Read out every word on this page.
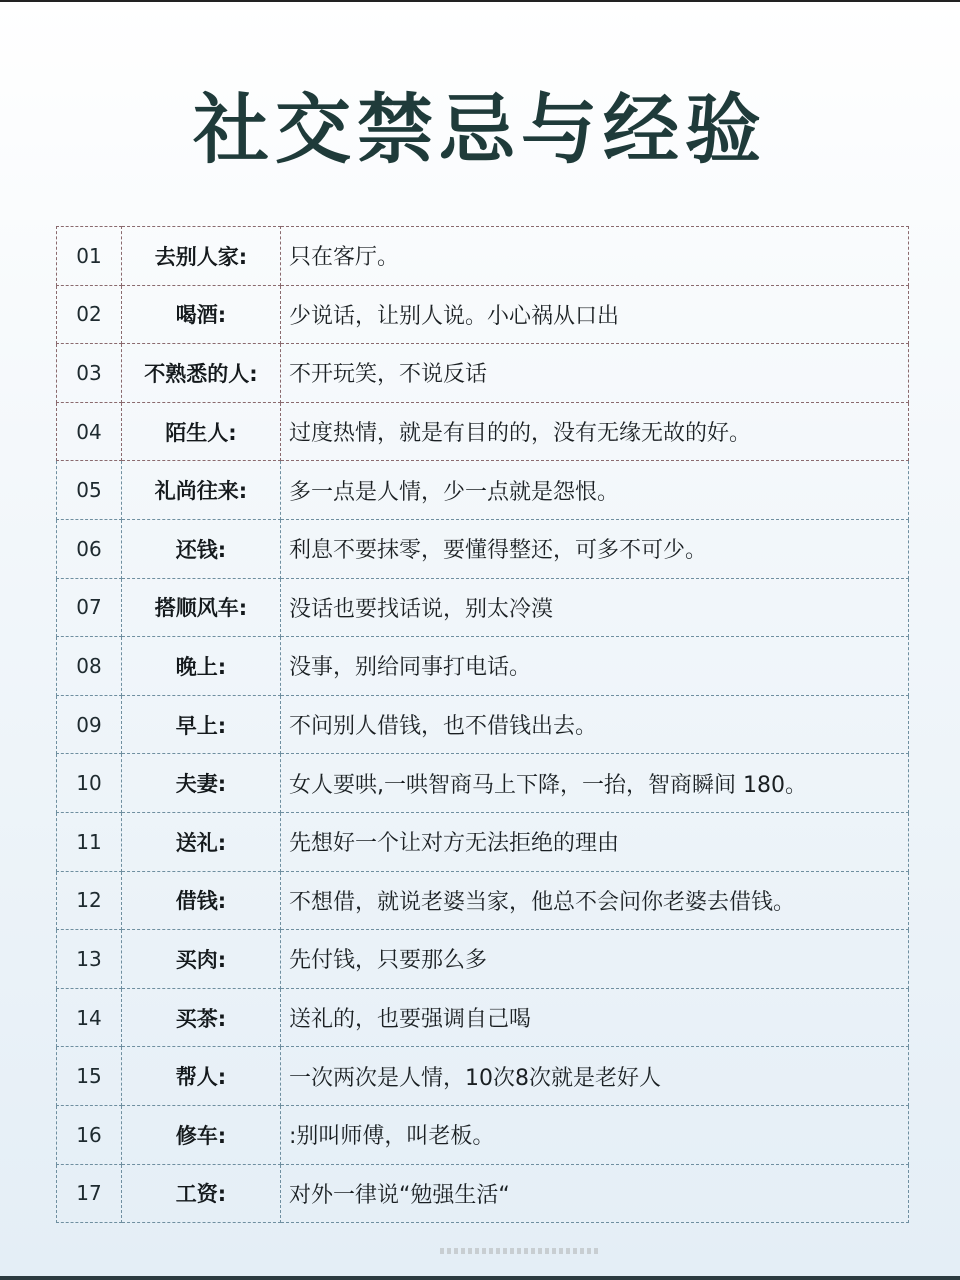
社交禁忌与经验
01	去别人家:	只在客厅。
02	喝酒:	少说话，让别人说。小心祸从口出
03	不熟悉的人:	不开玩笑，不说反话
04	陌生人:	过度热情，就是有目的的，没有无缘无故的好。
05	礼尚往来:	多一点是人情，少一点就是怨恨。
06	还钱:	利息不要抹零，要懂得整还，可多不可少。
07	搭顺风车:	没话也要找话说，别太冷漠
08	晚上:	没事，别给同事打电话。
09	早上:	不问别人借钱，也不借钱出去。
10	夫妻:	女人要哄,一哄智商马上下降，一抬，智商瞬间 180。
11	送礼:	先想好一个让对方无法拒绝的理由
12	借钱:	不想借，就说老婆当家，他总不会问你老婆去借钱。
13	买肉:	先付钱，只要那么多
14	买茶:	送礼的，也要强调自己喝
15	帮人:	一次两次是人情，10次8次就是老好人
16	修车:	:别叫师傅，叫老板。
17	工资:	对外一律说“勉强生活“
